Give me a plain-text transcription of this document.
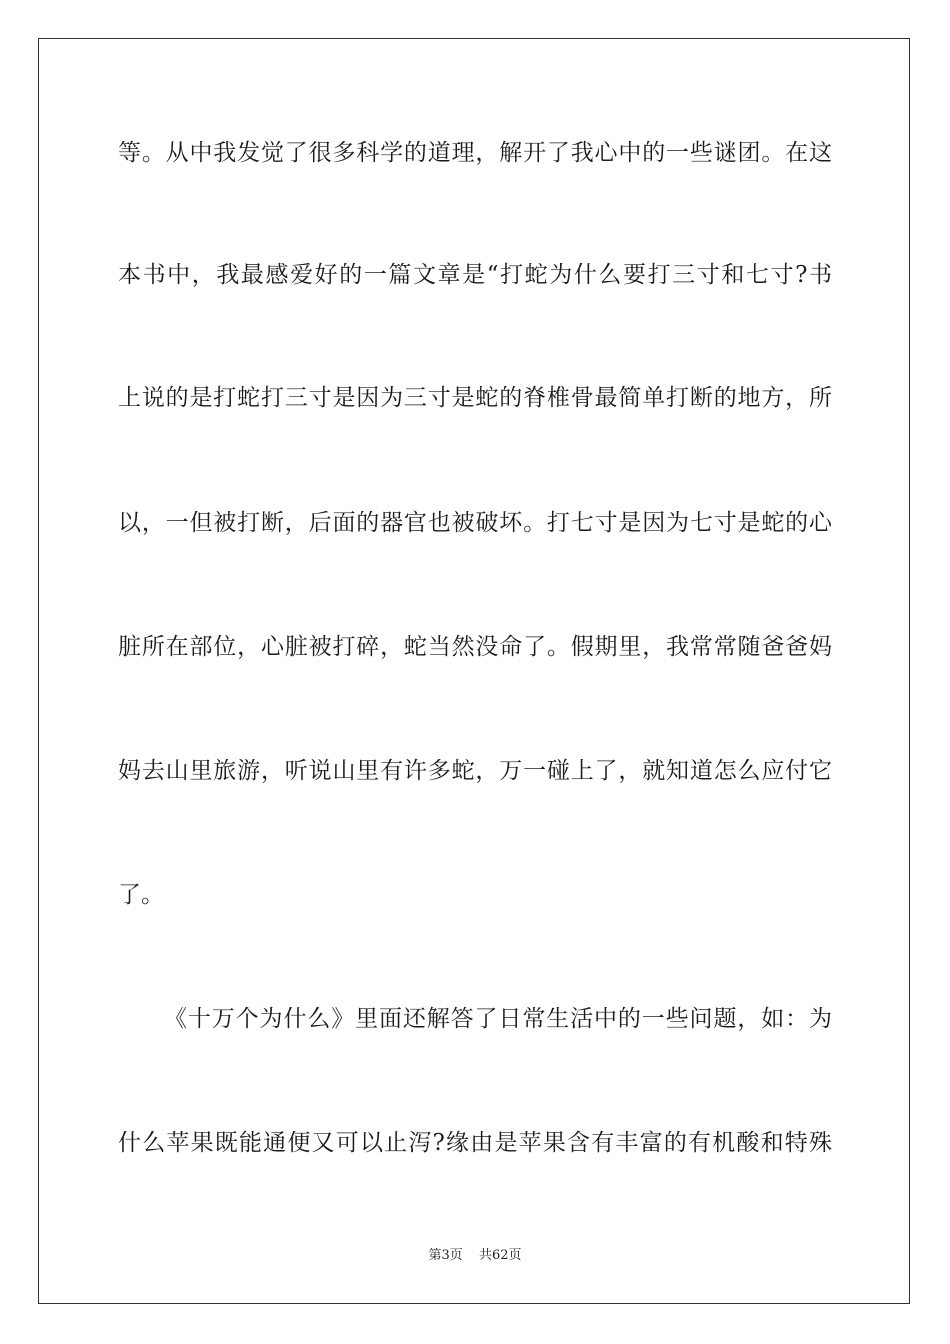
等。从中我发觉了很多科学的道理，解开了我心中的一些谜团。在这
本书中，我最感爱好的一篇文章是“打蛇为什么要打三寸和七寸?书
上说的是打蛇打三寸是因为三寸是蛇的脊椎骨最简单打断的地方，所
以，一但被打断，后面的器官也被破坏。打七寸是因为七寸是蛇的心
脏所在部位，心脏被打碎，蛇当然没命了。假期里，我常常随爸爸妈
妈去山里旅游，听说山里有许多蛇，万一碰上了，就知道怎么应付它
了。
《十万个为什么》里面还解答了日常生活中的一些问题，如：为
什么苹果既能通便又可以止泻?缘由是苹果含有丰富的有机酸和特殊
第3页 共62页
